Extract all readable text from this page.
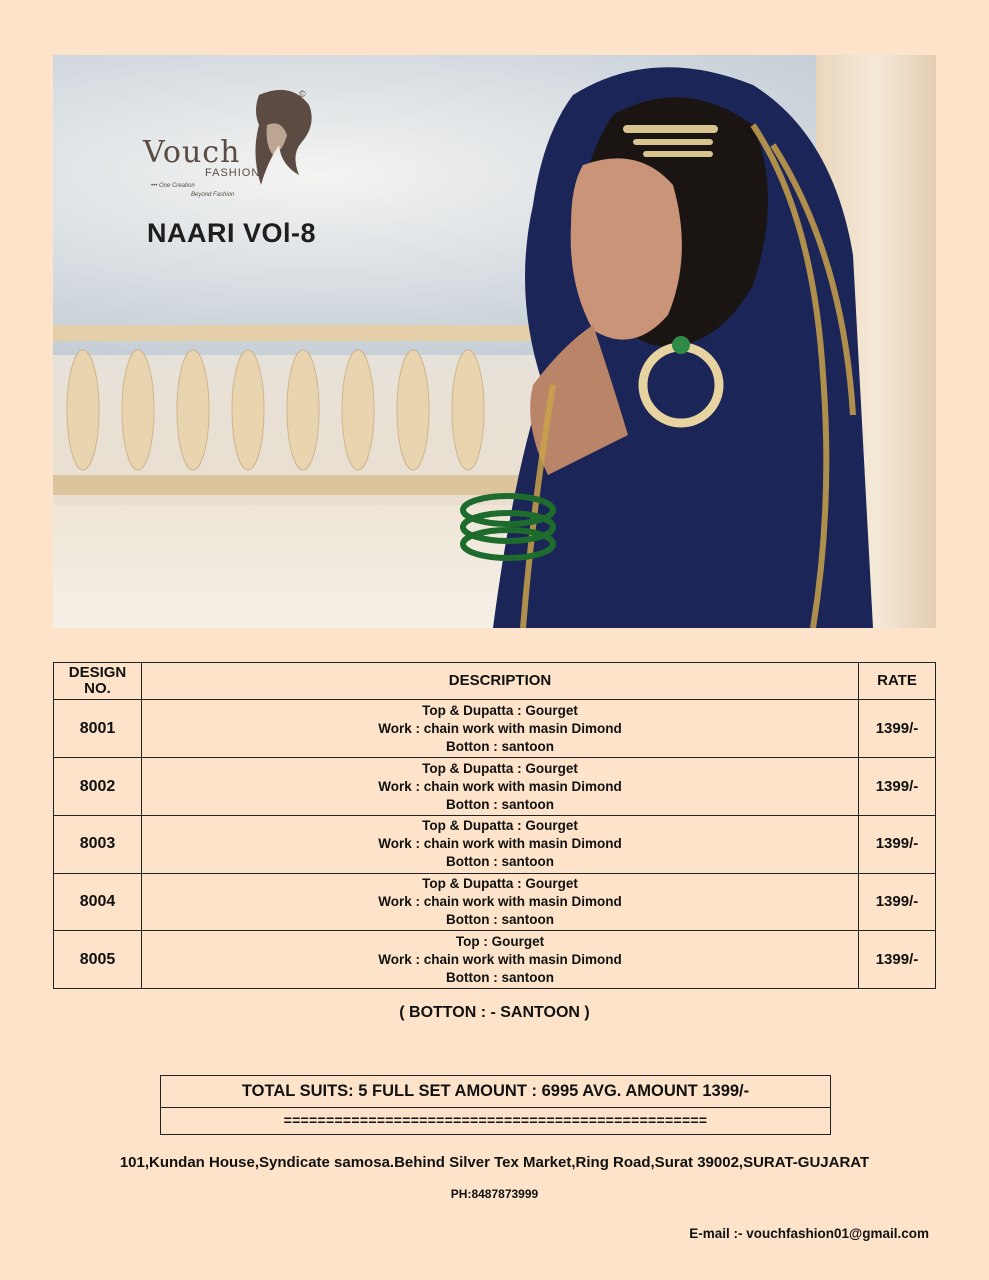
Vouch
FASHION
••• One Creation
Beyond Fashion
©
NAARI VOl-8
DESIGN NO.	DESCRIPTION	RATE
8001	Top & Dupatta : Gourget
Work : chain work with masin Dimond
Botton : santoon	1399/-
8002	Top & Dupatta : Gourget
Work : chain work with masin Dimond
Botton : santoon	1399/-
8003	Top & Dupatta : Gourget
Work : chain work with masin Dimond
Botton : santoon	1399/-
8004	Top & Dupatta : Gourget
Work : chain work with masin Dimond
Botton : santoon	1399/-
8005	Top : Gourget
Work : chain work with masin Dimond
Botton : santoon	1399/-
( BOTTON : - SANTOON )
TOTAL SUITS: 5 FULL SET AMOUNT : 6995 AVG. AMOUNT 1399/-
==================================================
101,Kundan House,Syndicate samosa.Behind Silver Tex Market,Ring Road,Surat 39002,SURAT-GUJARAT
PH:8487873999
E-mail :- vouchfashion01@gmail.com
